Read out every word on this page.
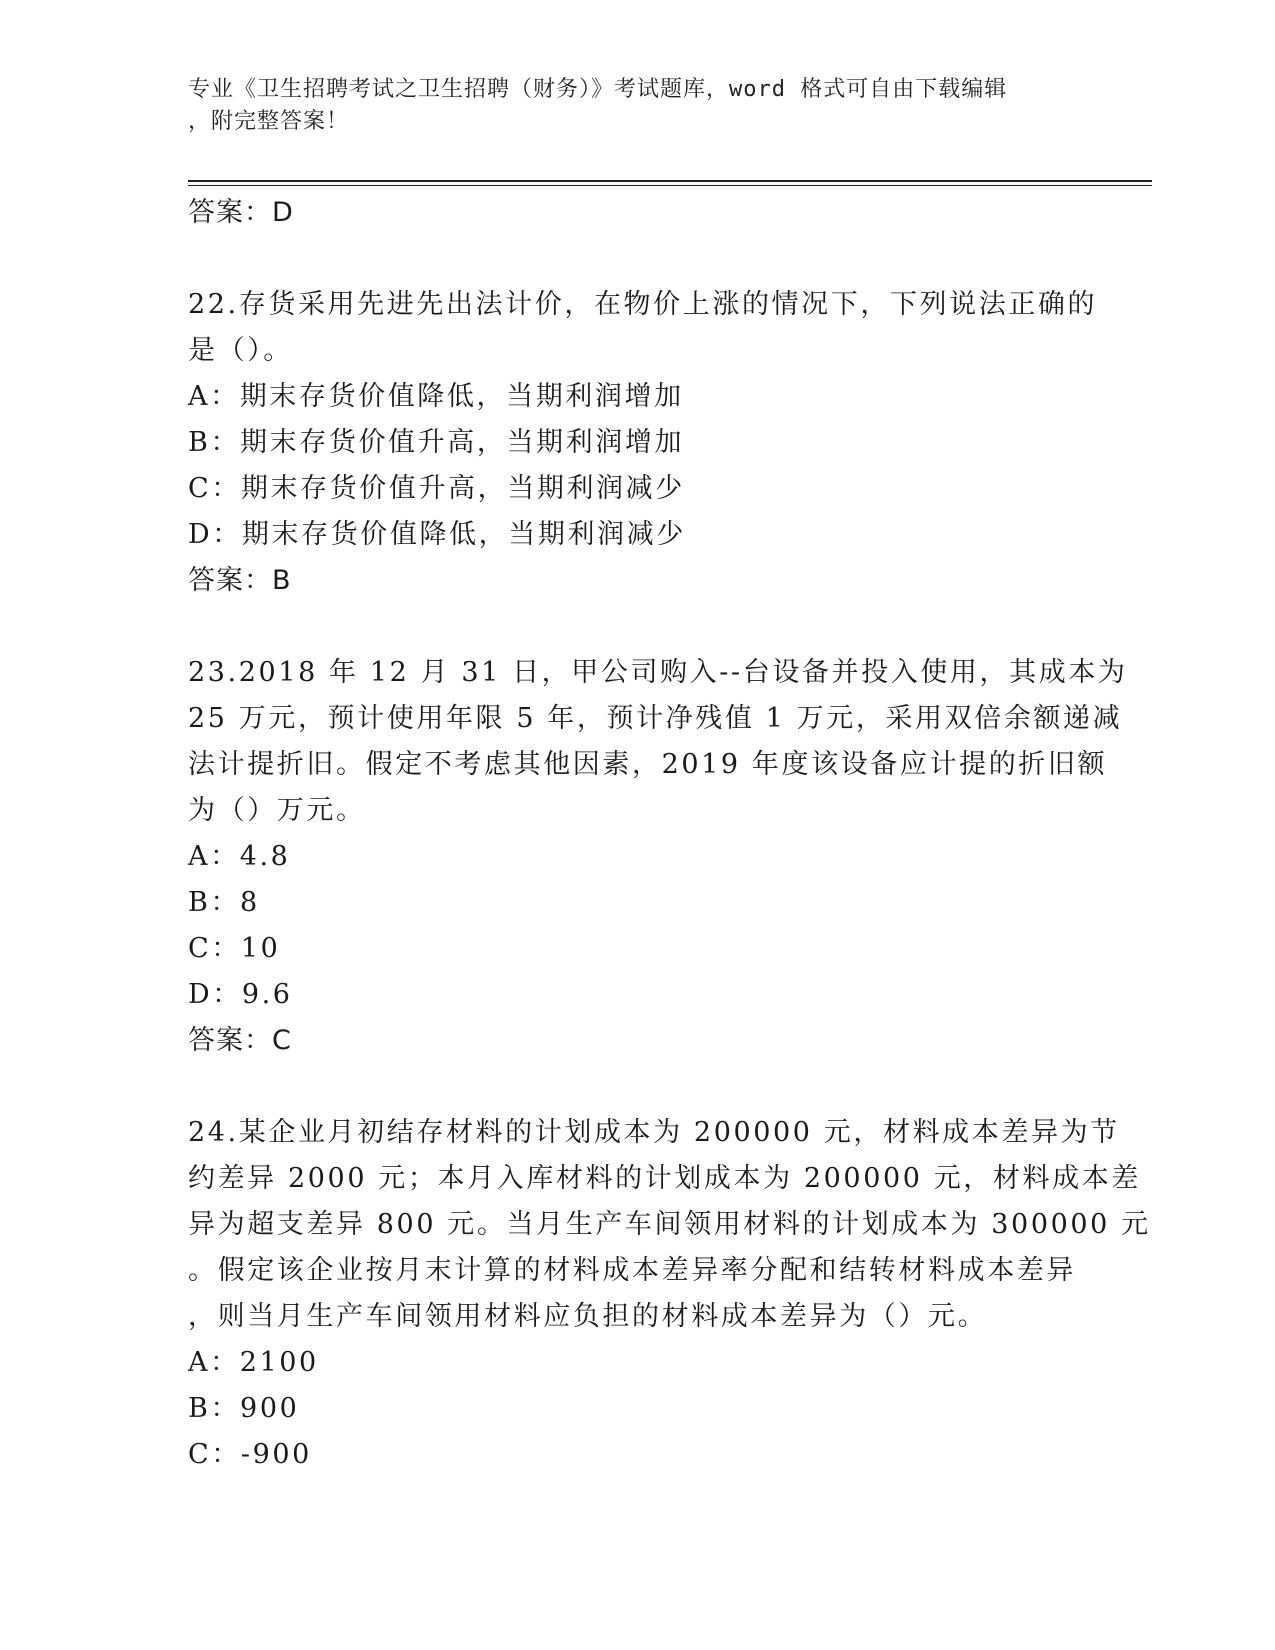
专业《卫生招聘考试之卫生招聘（财务）》考试题库，word 格式可自由下载编辑
，附完整答案！
答案：D
22.存货采用先进先出法计价，在物价上涨的情况下，下列说法正确的
是（）。
A：期末存货价值降低，当期利润增加
B：期末存货价值升高，当期利润增加
C：期末存货价值升高，当期利润减少
D：期末存货价值降低，当期利润减少
答案：B
23.2018 年 12 月 31 日，甲公司购入--台设备并投入使用，其成本为
25 万元，预计使用年限 5 年，预计净残值 1 万元，采用双倍余额递减
法计提折旧。假定不考虑其他因素，2019 年度该设备应计提的折旧额
为（）万元。
A：4.8
B：8
C：10
D：9.6
答案：C
24.某企业月初结存材料的计划成本为 200000 元，材料成本差异为节
约差异 2000 元；本月入库材料的计划成本为 200000 元，材料成本差
异为超支差异 800 元。当月生产车间领用材料的计划成本为 300000 元
。假定该企业按月末计算的材料成本差异率分配和结转材料成本差异
，则当月生产车间领用材料应负担的材料成本差异为（）元。
A：2100
B：900
C：-900
